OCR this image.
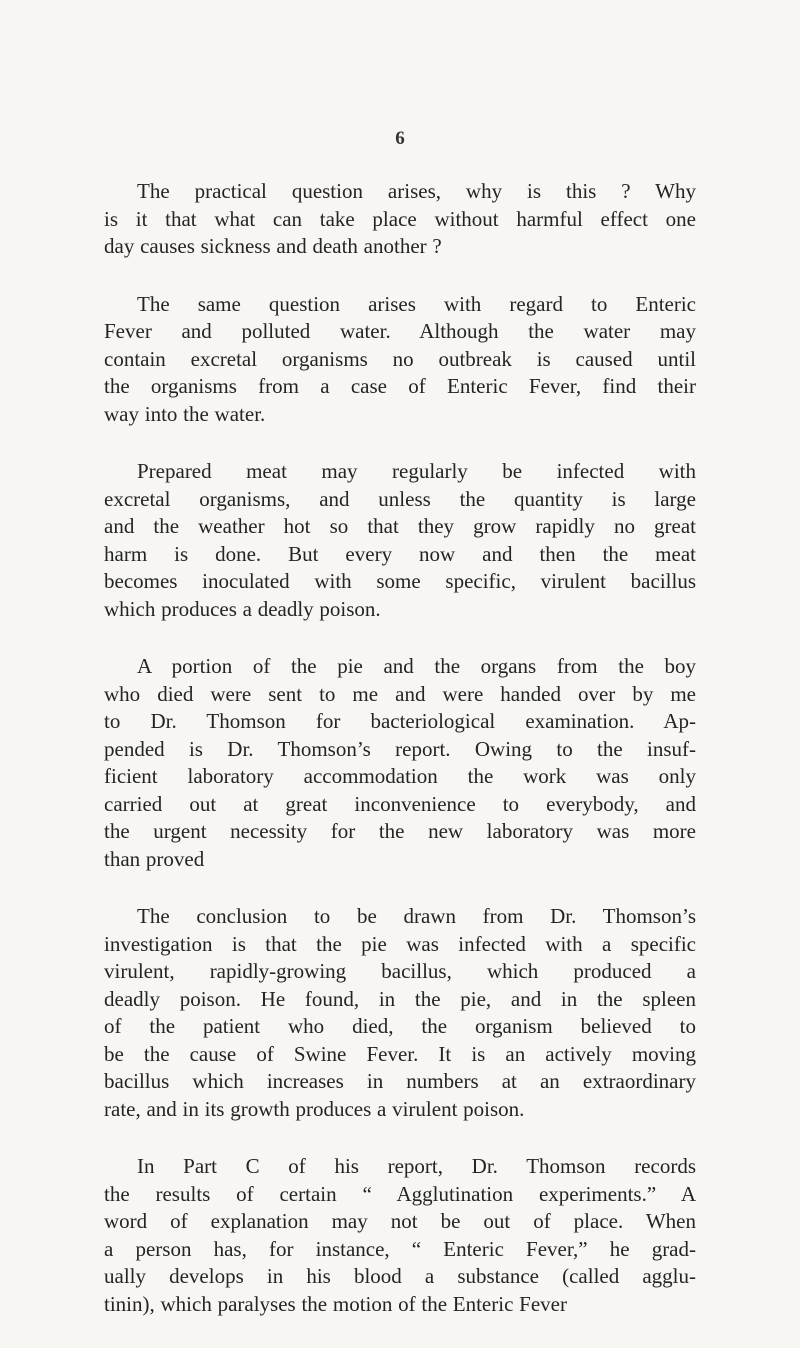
6
The practical question arises, why is this ? Why
is it that what can take place without harmful effect one
day causes sickness and death another ?
The same question arises with regard to Enteric
Fever and polluted water. Although the water may
contain excretal organisms no outbreak is caused until
the organisms from a case of Enteric Fever, find their
way into the water.
Prepared meat may regularly be infected with
excretal organisms, and unless the quantity is large
and the weather hot so that they grow rapidly no great
harm is done. But every now and then the meat
becomes inoculated with some specific, virulent bacillus
which produces a deadly poison.
A portion of the pie and the organs from the boy
who died were sent to me and were handed over by me
to Dr. Thomson for bacteriological examination. Ap-
pended is Dr. Thomson’s report. Owing to the insuf-
ficient laboratory accommodation the work was only
carried out at great inconvenience to everybody, and
the urgent necessity for the new laboratory was more
than proved
The conclusion to be drawn from Dr. Thomson’s
investigation is that the pie was infected with a specific
virulent, rapidly-growing bacillus, which produced a
deadly poison. He found, in the pie, and in the spleen
of the patient who died, the organism believed to
be the cause of Swine Fever. It is an actively moving
bacillus which increases in numbers at an extraordinary
rate, and in its growth produces a virulent poison.
In Part C of his report, Dr. Thomson records
the results of certain “ Agglutination experiments.” A
word of explanation may not be out of place. When
a person has, for instance, “ Enteric Fever,” he grad-
ually develops in his blood a substance (called agglu-
tinin), which paralyses the motion of the Enteric Fever
